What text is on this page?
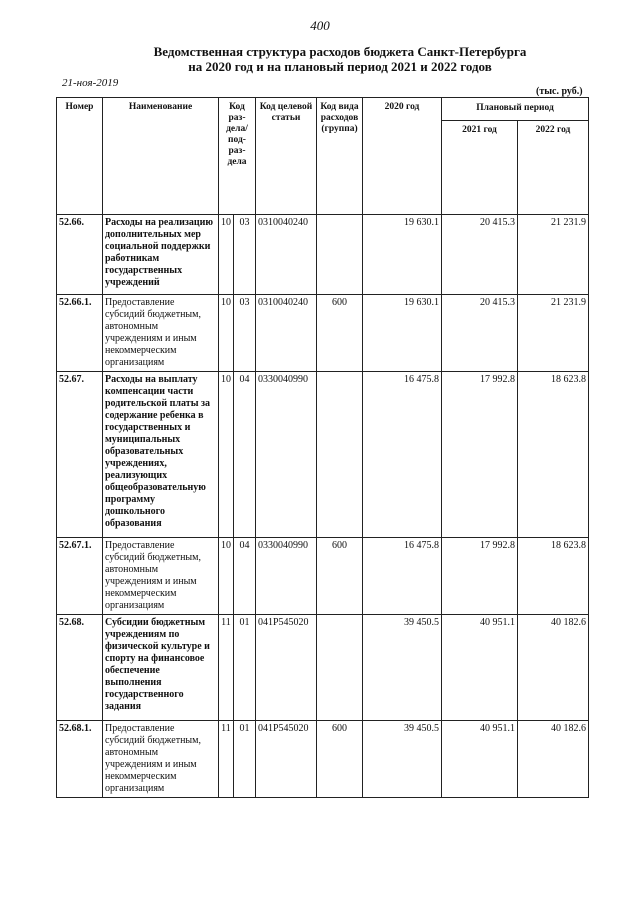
400
Ведомственная структура расходов бюджета Санкт-Петербурга
на 2020 год и на плановый период 2021 и 2022 годов
21-ноя-2019
(тыс. руб.)
Номер	Наименование	Код раз-дела/ под-раз-дела		Код целевой статьи	Код вида расходов (группа)	2020 год	Плановый период	
							2021 год	2022 год
52.66.	Расходы на реализацию дополнительных мер социальной поддержки работникам государственных учреждений	10	03	0310040240		19 630.1	20 415.3	21 231.9
52.66.1.	Предоставление субсидий бюджетным, автономным учреждениям и иным некоммерческим организациям	10	03	0310040240	600	19 630.1	20 415.3	21 231.9
52.67.	Расходы на выплату компенсации части родительской платы за содержание ребенка в государственных и муниципальных образовательных учреждениях, реализующих общеобразовательную программу дошкольного образования	10	04	0330040990		16 475.8	17 992.8	18 623.8
52.67.1.	Предоставление субсидий бюджетным, автономным учреждениям и иным некоммерческим организациям	10	04	0330040990	600	16 475.8	17 992.8	18 623.8
52.68.	Субсидии бюджетным учреждениям по физической культуре и спорту на финансовое обеспечение выполнения государственного задания	11	01	041P545020		39 450.5	40 951.1	40 182.6
52.68.1.	Предоставление субсидий бюджетным, автономным учреждениям и иным некоммерческим организациям	11	01	041P545020	600	39 450.5	40 951.1	40 182.6
